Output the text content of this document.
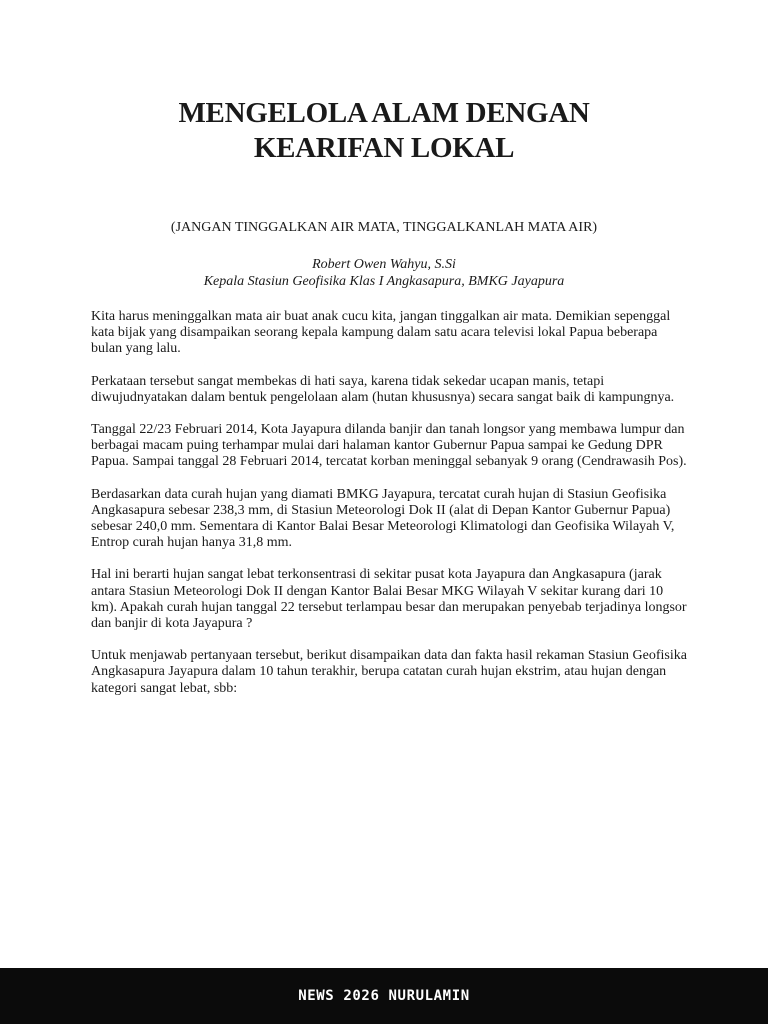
MENGELOLA ALAM DENGAN
KEARIFAN LOKAL
(JANGAN TINGGALKAN AIR MATA, TINGGALKANLAH MATA AIR)
Robert Owen Wahyu, S.Si
Kepala Stasiun Geofisika Klas I Angkasapura, BMKG Jayapura

Kita harus meninggalkan mata air buat anak cucu kita, jangan tinggalkan air mata. Demikian sepenggal kata bijak yang disampaikan seorang kepala kampung dalam satu acara televisi lokal Papua beberapa bulan yang lalu.

Perkataan tersebut sangat membekas di hati saya, karena tidak sekedar ucapan manis, tetapi diwujudnyatakan dalam bentuk pengelolaan alam (hutan khususnya) secara sangat baik di kampungnya.

Tanggal 22/23 Februari 2014, Kota Jayapura dilanda banjir dan tanah longsor yang membawa lumpur dan berbagai macam puing terhampar mulai dari halaman kantor Gubernur Papua sampai ke Gedung DPR Papua. Sampai tanggal 28 Februari 2014, tercatat korban meninggal sebanyak 9 orang (Cendrawasih Pos).

Berdasarkan data curah hujan yang diamati BMKG Jayapura, tercatat curah hujan di Stasiun Geofisika Angkasapura sebesar 238,3 mm, di Stasiun Meteorologi Dok II (alat di Depan Kantor Gubernur Papua) sebesar 240,0 mm. Sementara di Kantor Balai Besar Meteorologi Klimatologi dan Geofisika Wilayah V, Entrop curah hujan hanya 31,8 mm.

Hal ini berarti hujan sangat lebat terkonsentrasi di sekitar pusat kota Jayapura dan Angkasapura (jarak antara Stasiun Meteorologi Dok II dengan Kantor Balai Besar MKG Wilayah V sekitar kurang dari 10 km). Apakah curah hujan tanggal 22 tersebut terlampau besar dan merupakan penyebab terjadinya longsor dan banjir di kota Jayapura ?

Untuk menjawab pertanyaan tersebut, berikut disampaikan data dan fakta hasil rekaman Stasiun Geofisika Angkasapura Jayapura dalam 10 tahun terakhir, berupa catatan curah hujan ekstrim, atau hujan dengan kategori sangat lebat, sbb:

NEWS 2026 NURULAMIN
